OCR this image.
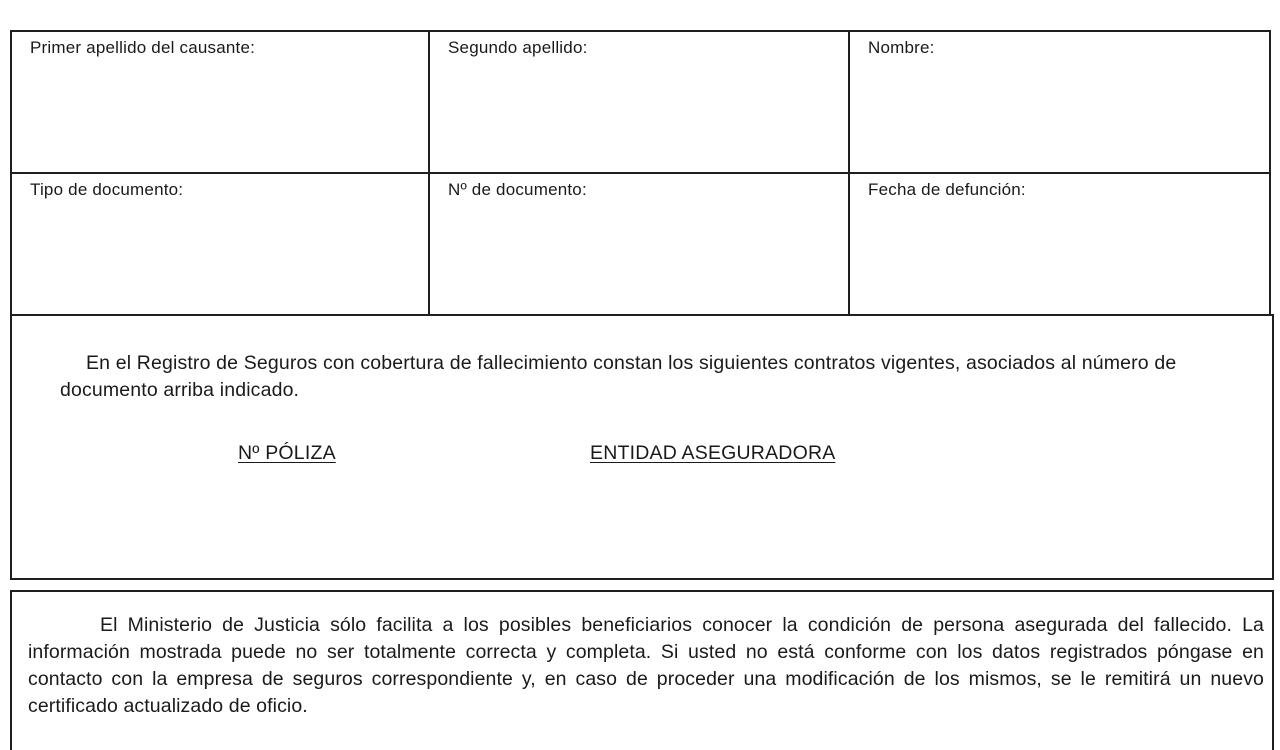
Primer apellido del causante:	Segundo apellido:	Nombre:
Tipo de documento:	Nº de documento:	Fecha de defunción:
En el Registro de Seguros con cobertura de fallecimiento constan los siguientes contratos vigentes, asociados al número de documento arriba indicado.
Nº PÓLIZA	ENTIDAD ASEGURADORA
El Ministerio de Justicia sólo facilita a los posibles beneficiarios conocer la condición de persona asegurada del fallecido. La información mostrada puede no ser totalmente correcta y completa. Si usted no está conforme con los datos registrados póngase en contacto con la empresa de seguros correspondiente y, en caso de proceder una modificación de los mismos, se le remitirá un nuevo certificado actualizado de oficio.
